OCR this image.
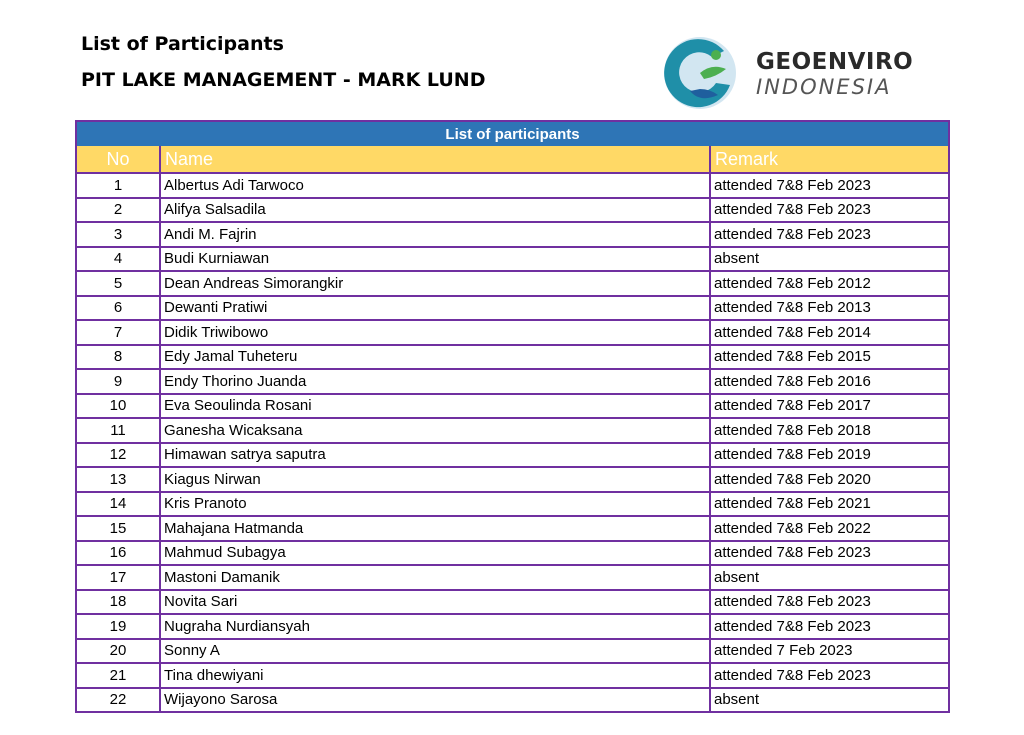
List of Participants
PIT LAKE MANAGEMENT - MARK LUND
GEOENVIRO
INDONESIA
List of participants		
No	Name	Remark
1	Albertus Adi Tarwoco	attended 7&8 Feb 2023
2	Alifya Salsadila	attended 7&8 Feb 2023
3	Andi M. Fajrin	attended 7&8 Feb 2023
4	Budi Kurniawan	absent
5	Dean Andreas Simorangkir	attended 7&8 Feb 2012
6	Dewanti Pratiwi	attended 7&8 Feb 2013
7	Didik Triwibowo	attended 7&8 Feb 2014
8	Edy Jamal Tuheteru	attended 7&8 Feb 2015
9	Endy Thorino Juanda	attended 7&8 Feb 2016
10	Eva Seoulinda Rosani	attended 7&8 Feb 2017
11	Ganesha Wicaksana	attended 7&8 Feb 2018
12	Himawan satrya saputra	attended 7&8 Feb 2019
13	Kiagus Nirwan	attended 7&8 Feb 2020
14	Kris Pranoto	attended 7&8 Feb 2021
15	Mahajana Hatmanda	attended 7&8 Feb 2022
16	Mahmud Subagya	attended 7&8 Feb 2023
17	Mastoni Damanik	absent
18	Novita Sari	attended 7&8 Feb 2023
19	Nugraha Nurdiansyah	attended 7&8 Feb 2023
20	Sonny A	attended 7 Feb 2023
21	Tina dhewiyani	attended 7&8 Feb 2023
22	Wijayono Sarosa	absent
